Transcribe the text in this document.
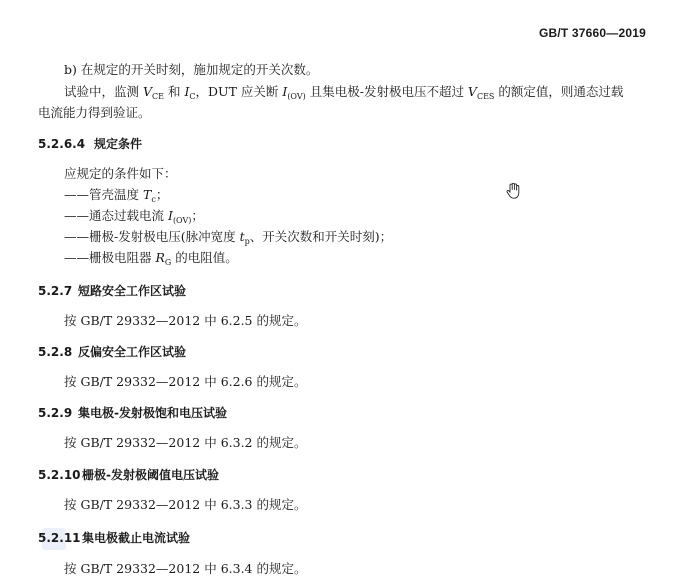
GB/T 37660—2019
b) 在规定的开关时刻，施加规定的开关次数。
试验中，监测 $V_{CE}$ 和 $I_C$，DUT 应关断 $I_{(OV)}$ 且集电极-发射极电压不超过 $V_{CES}$ 的额定值，则通态过载
电流能力得到验证。
5.2.6.4 规定条件
应规定的条件如下：
——管壳温度 $T_c$；
——通态过载电流 $I_{(OV)}$；
——栅极-发射极电压(脉冲宽度 $t_p$、开关次数和开关时刻)；
——栅极电阻器 $R_G$ 的电阻值。
5.2.7 短路安全工作区试验
按 GB/T 29332—2012 中 6.2.5 的规定。
5.2.8 反偏安全工作区试验
按 GB/T 29332—2012 中 6.2.6 的规定。
5.2.9 集电极-发射极饱和电压试验
按 GB/T 29332—2012 中 6.3.2 的规定。
5.2.10栅极-发射极阈值电压试验
按 GB/T 29332—2012 中 6.3.3 的规定。
5.2.11集电极截止电流试验
按 GB/T 29332—2012 中 6.3.4 的规定。
